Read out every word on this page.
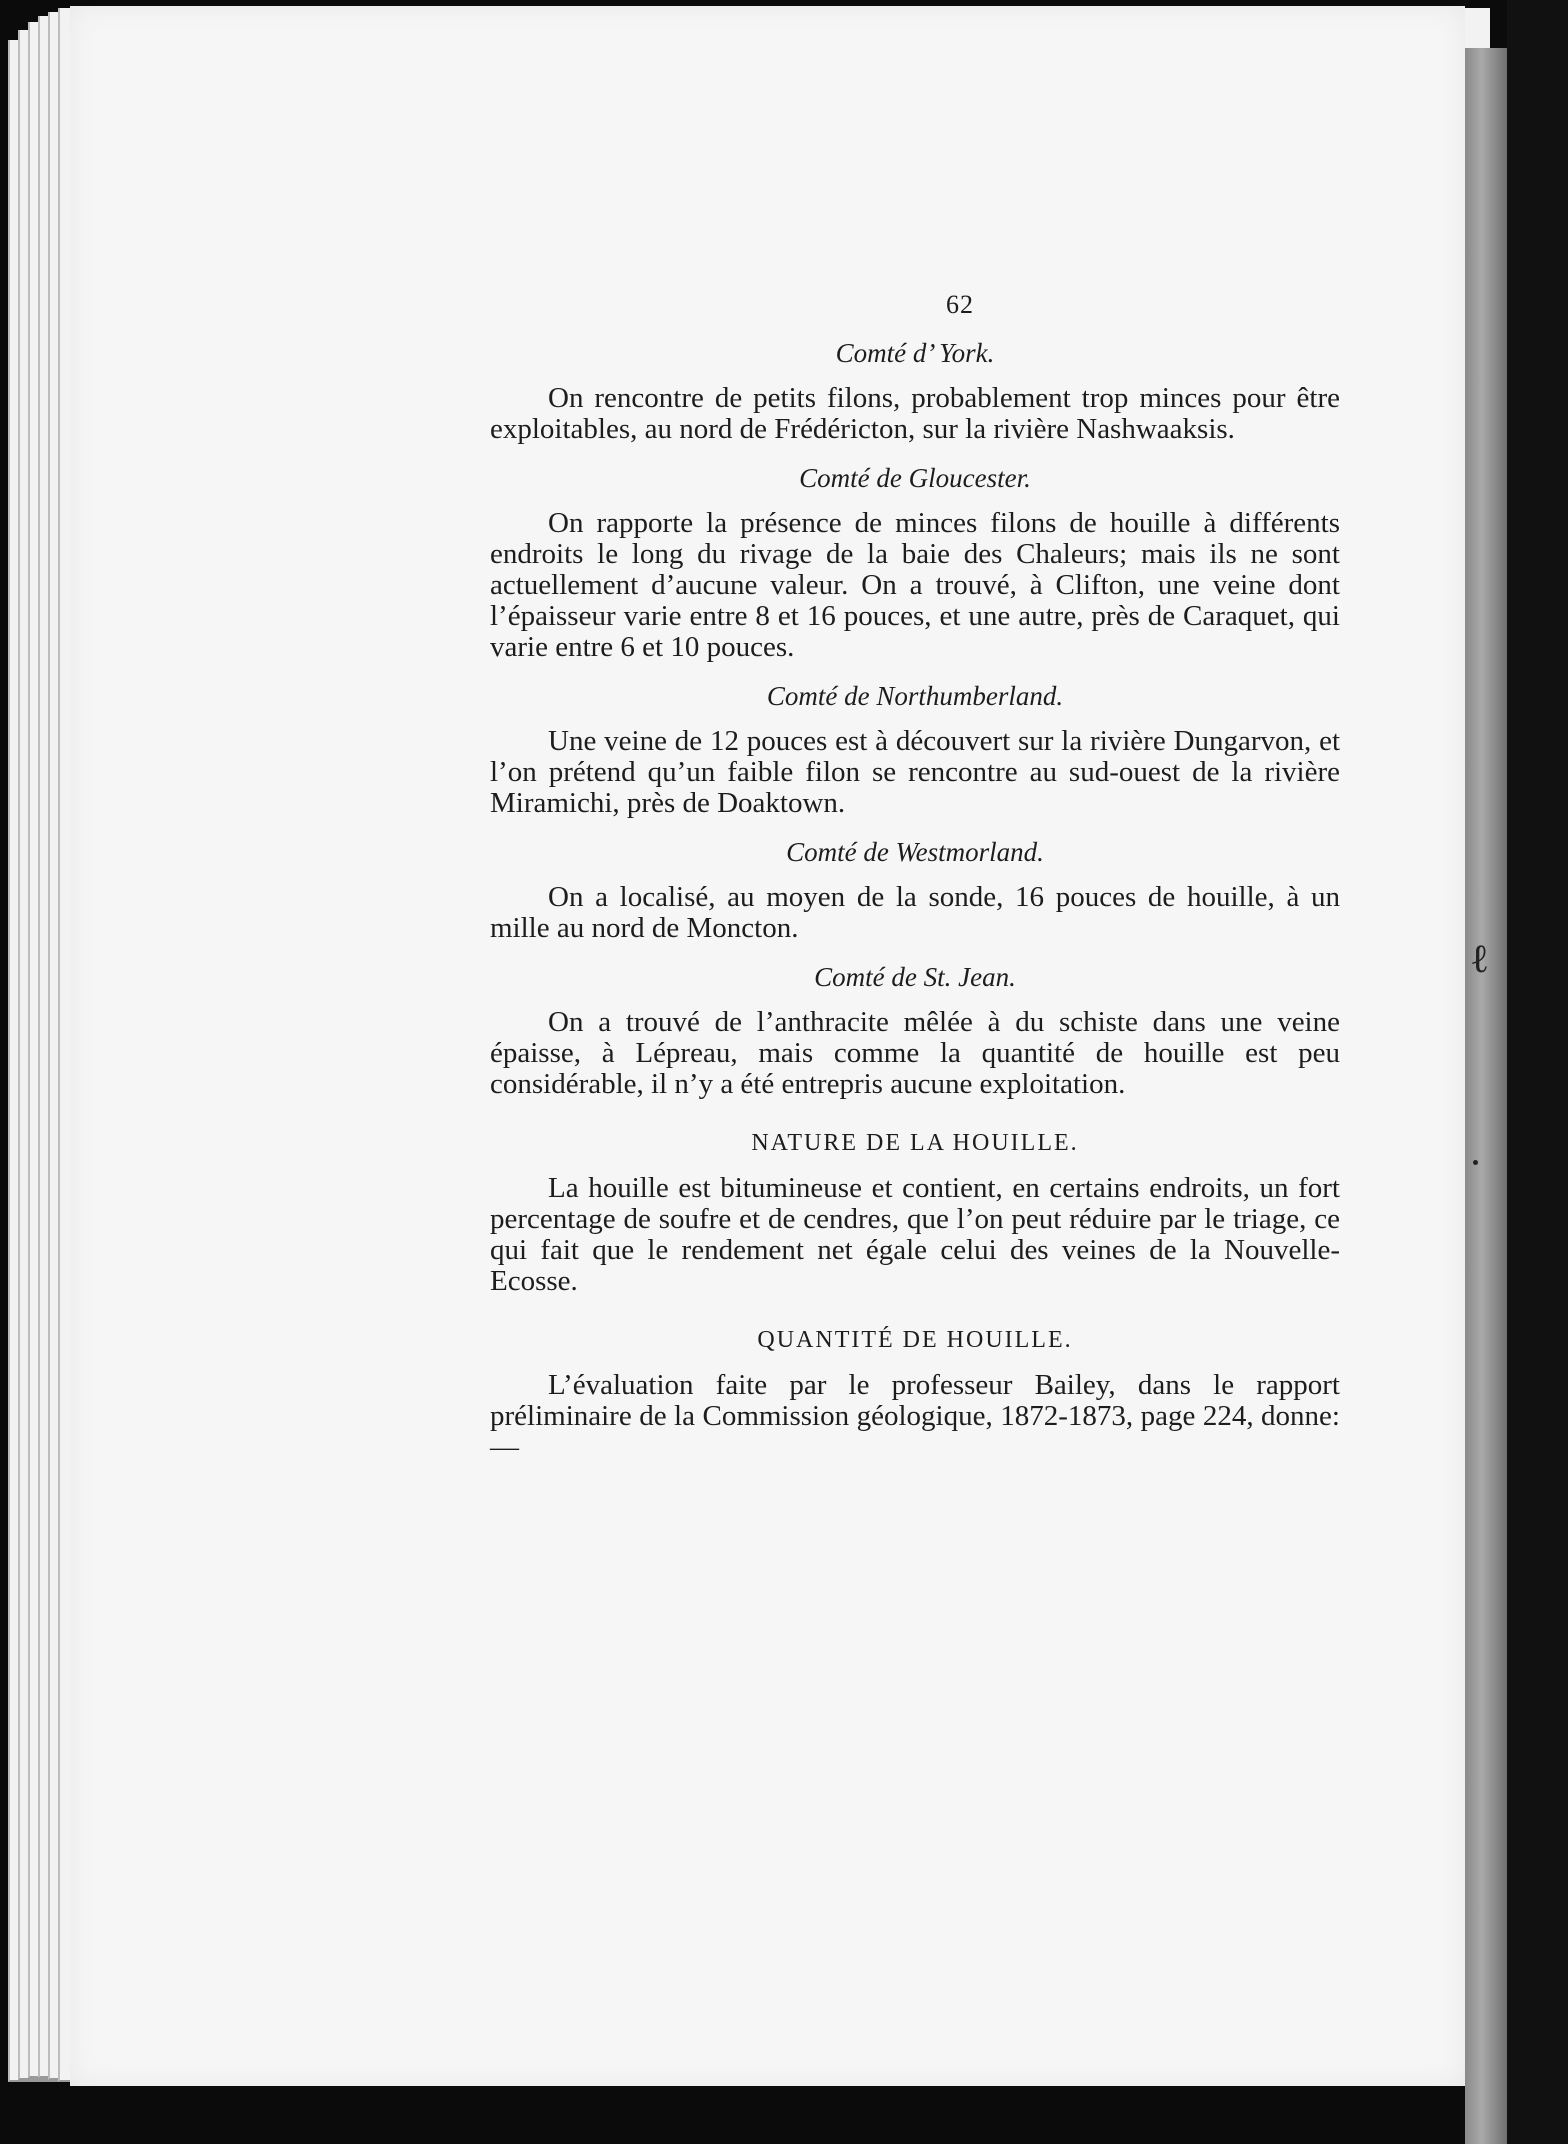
ℓ
62
Comté d’ York.

On rencontre de petits filons, probablement trop minces pour être exploitables, au nord de Frédéricton, sur la rivière Nashwaaksis.

Comté de Gloucester.

On rapporte la présence de minces filons de houille à différents endroits le long du rivage de la baie des Chaleurs; mais ils ne sont actuellement d’aucune valeur. On a trouvé, à Clifton, une veine dont l’épaisseur varie entre 8 et 16 pouces, et une autre, près de Caraquet, qui varie entre 6 et 10 pouces.

Comté de Northumberland.

Une veine de 12 pouces est à découvert sur la rivière Dungarvon, et l’on prétend qu’un faible filon se rencontre au sud-ouest de la rivière Miramichi, près de Doaktown.

Comté de Westmorland.

On a localisé, au moyen de la sonde, 16 pouces de houille, à un mille au nord de Moncton.

Comté de St. Jean.

On a trouvé de l’anthracite mêlée à du schiste dans une veine épaisse, à Lépreau, mais comme la quantité de houille est peu considérable, il n’y a été entrepris aucune exploitation.

NATURE DE LA HOUILLE.

La houille est bitumineuse et contient, en certains endroits, un fort percentage de soufre et de cendres, que l’on peut réduire par le triage, ce qui fait que le rendement net égale celui des veines de la Nouvelle-Ecosse.

QUANTITÉ DE HOUILLE.

L’évaluation faite par le professeur Bailey, dans le rapport préliminaire de la Commission géologique, 1872-1873, page 224, donne:—
